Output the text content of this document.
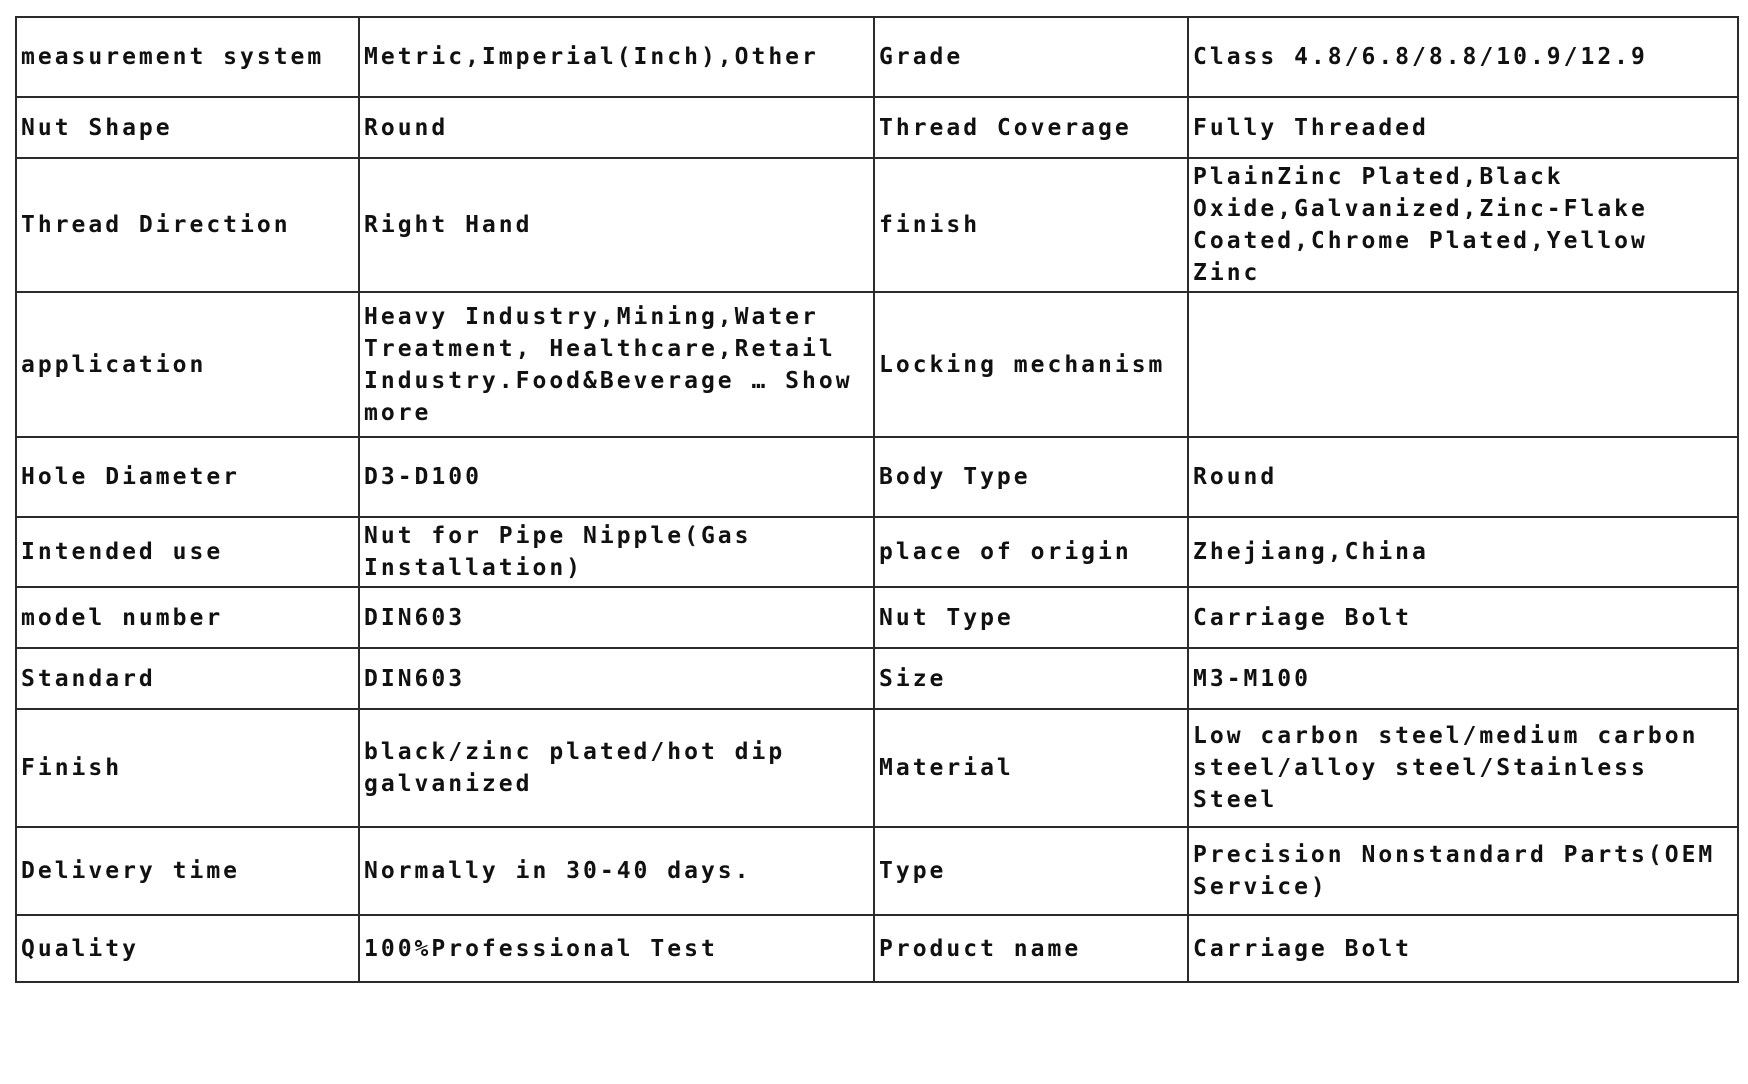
measurement system	Metric,Imperial(Inch),Other	Grade	Class 4.8/6.8/8.8/10.9/12.9
Nut Shape	Round	Thread Coverage	Fully Threaded
Thread Direction	Right Hand	finish	PlainZinc Plated,Black Oxide,Galvanized,Zinc-Flake Coated,Chrome Plated,Yellow Zinc
application	Heavy Industry,Mining,Water Treatment, Healthcare,Retail Industry.Food&Beverage … Show more	Locking mechanism	
Hole Diameter	D3-D100	Body Type	Round
Intended use	Nut for Pipe Nipple(Gas Installation)	place of origin	Zhejiang,China
model number	DIN603	Nut Type	Carriage Bolt
Standard	DIN603	Size	M3-M100
Finish	black/zinc plated/hot dip galvanized	Material	Low carbon steel/medium carbon steel/alloy steel/Stainless Steel
Delivery time	Normally in 30-40 days.	Type	Precision Nonstandard Parts(OEM Service)
Quality	100%Professional Test	Product name	Carriage Bolt
